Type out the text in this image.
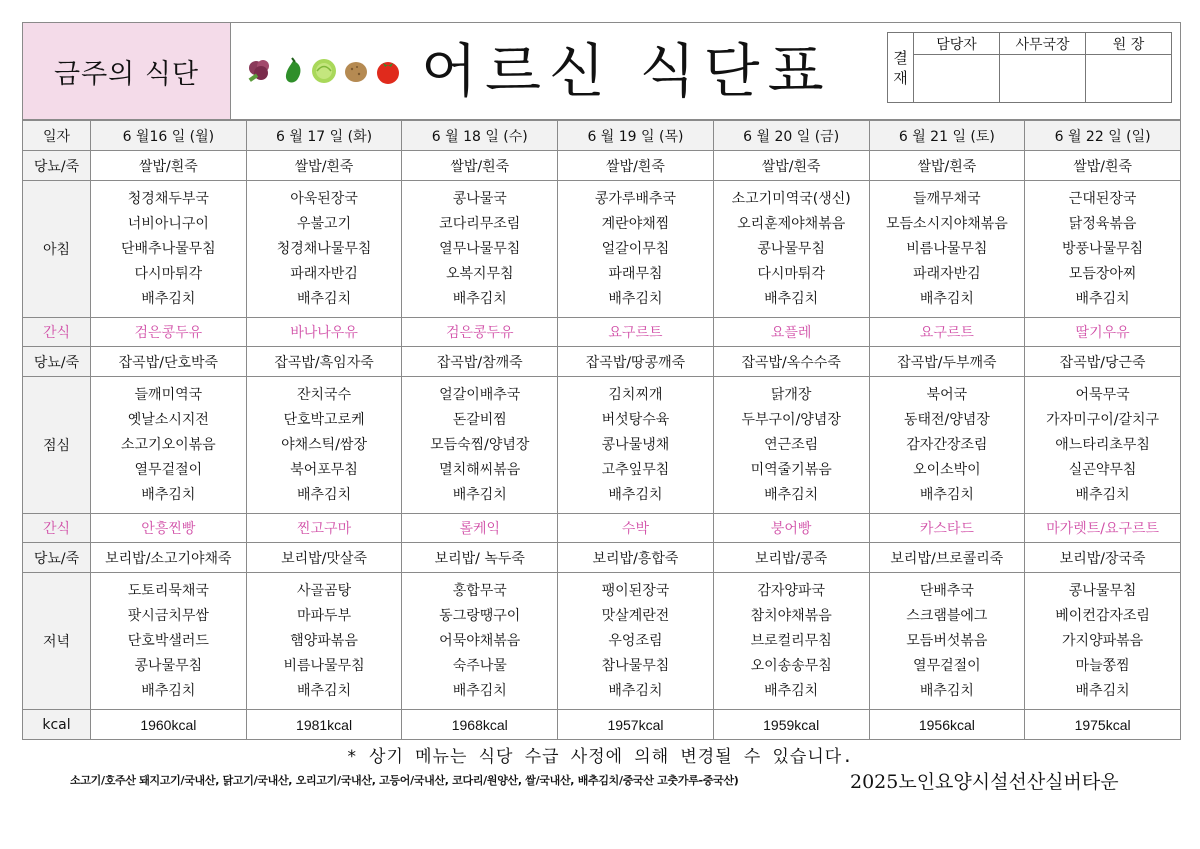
금주의 식단	어르신 식단표	결
재	담당자	사무국장	원 장

일자	6 월16 일 (월)	6 월 17 일 (화)	6 월 18 일 (수)	6 월 19 일 (목)	6 월 20 일 (금)	6 월 21 일 (토)	6 월 22 일 (일)
당뇨/죽	쌀밥/흰죽	쌀밥/흰죽	쌀밥/흰죽	쌀밥/흰죽	쌀밥/흰죽	쌀밥/흰죽	쌀밥/흰죽
아침	청경채두부국
너비아니구이
단배추나물무침
다시마튀각
배추김치	아욱된장국
우불고기
청경채나물무침
파래자반김
배추김치	콩나물국
코다리무조림
열무나물무침
오복지무침
배추김치	콩가루배추국
계란야채찜
얼갈이무침
파래무침
배추김치	소고기미역국(생신)
오리훈제야채볶음
콩나물무침
다시마튀각
배추김치	들깨무채국
모듬소시지야채볶음
비름나물무침
파래자반김
배추김치	근대된장국
닭정육볶음
방풍나물무침
모듬장아찌
배추김치

간식	검은콩두유	바나나우유	검은콩두유	요구르트	요플레	요구르트	딸기우유
당뇨/죽	잡곡밥/단호박죽	잡곡밥/흑임자죽	잡곡밥/참깨죽	잡곡밥/땅콩깨죽	잡곡밥/옥수수죽	잡곡밥/두부깨죽	잡곡밥/당근죽
점심	들깨미역국
옛날소시지전
소고기오이볶음
열무겉절이
배추김치	잔치국수
단호박고로케
야채스틱/쌈장
북어포무침
배추김치	얼갈이배추국
돈갈비찜
모듬숙찜/양념장
멸치해씨볶음
배추김치	김치찌개
버섯탕수육
콩나물냉채
고추잎무침
배추김치	닭개장
두부구이/양념장
연근조림
미역줄기볶음
배추김치	북어국
동태전/양념장
감자간장조림
오이소박이
배추김치	어묵무국
가자미구이/갈치구
애느타리초무침
실곤약무침
배추김치

간식	안흥찐빵	찐고구마	롤케익	수박	붕어빵	카스타드	마가렛트/요구르트
당뇨/죽	보리밥/소고기야채죽	보리밥/맛살죽	보리밥/ 녹두죽	보리밥/흥합죽	보리밥/콩죽	보리밥/브로콜리죽	보리밥/장국죽
저녁	도토리묵채국
팟시금치무쌈
단호박샐러드
콩나물무침
배추김치	사골곰탕
마파두부
햄양파볶음
비름나물무침
배추김치	홍합무국
동그랑땡구이
어묵야채볶음
숙주나물
배추김치	팽이된장국
맛살계란전
우엉조림
참나물무침
배추김치	감자양파국
참치야채볶음
브로컬리무침
오이송송무침
배추김치	단배추국
스크램블에그
모듬버섯볶음
열무겉절이
배추김치	콩나물무침
베이컨감자조림
가지양파볶음
마늘쫑찜
배추김치

kcal	1960kcal	1981kcal	1968kcal	1957kcal	1959kcal	1956kcal	1975kcal
* 상기 메뉴는 식당 수급 사정에 의해 변경될 수 있습니다.
소고기/호주산 돼지고기/국내산, 닭고기/국내산, 오리고기/국내산, 고등어/국내산, 코다리/원양산, 쌀/국내산, 배추김치/중국산 고춧가루-중국산)	2025노인요양시설선산실버타운
